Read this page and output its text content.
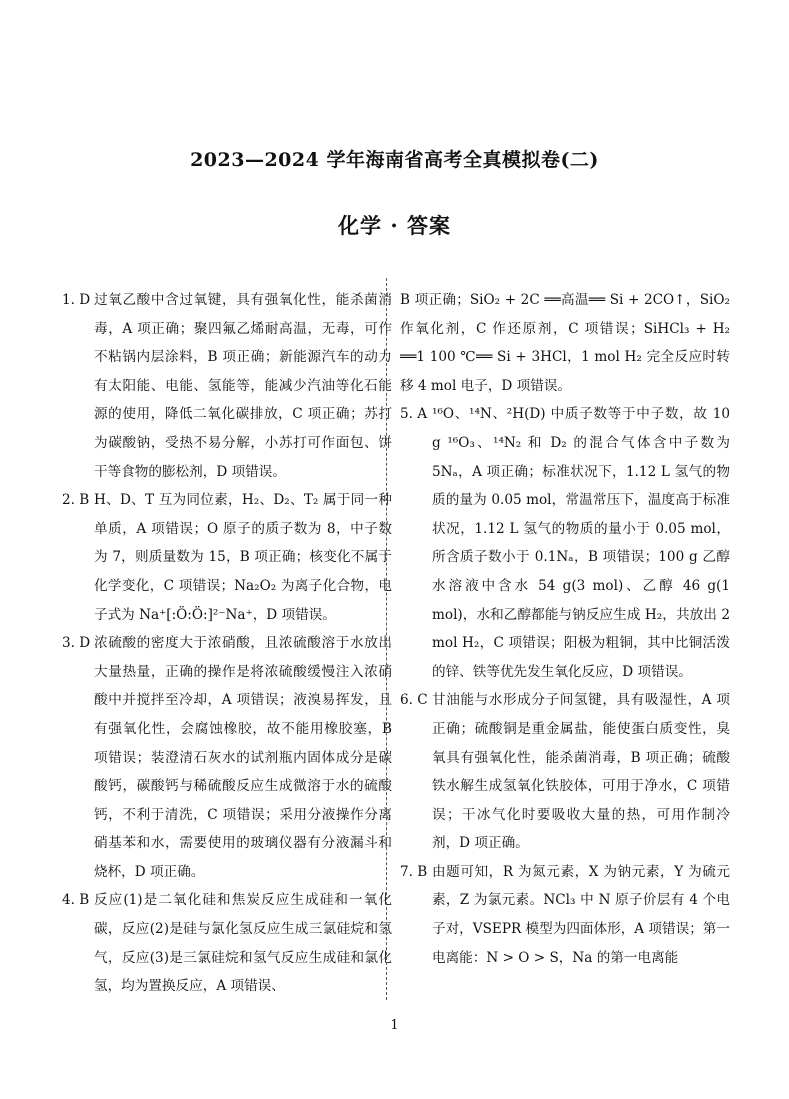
2023—2024 学年海南省高考全真模拟卷(二)
化学 · 答案
1. D 过氧乙酸中含过氧键，具有强氧化性，能杀菌消毒，A 项正确；聚四氟乙烯耐高温，无毒，可作不粘锅内层涂料，B 项正确；新能源汽车的动力有太阳能、电能、氢能等，能减少汽油等化石能源的使用，降低二氧化碳排放，C 项正确；苏打为碳酸钠，受热不易分解，小苏打可作面包、饼干等食物的膨松剂，D 项错误。
2. B H、D、T 互为同位素，H₂、D₂、T₂ 属于同一种单质，A 项错误；O 原子的质子数为 8，中子数为 7，则质量数为 15，B 项正确；核变化不属于化学变化，C 项错误；Na₂O₂ 为离子化合物，电子式为 Na⁺[:Ö:Ö:]²⁻Na⁺，D 项错误。
3. D 浓硫酸的密度大于浓硝酸，且浓硫酸溶于水放出大量热量，正确的操作是将浓硫酸缓慢注入浓硝酸中并搅拌至冷却，A 项错误；液溴易挥发，且有强氧化性，会腐蚀橡胶，故不能用橡胶塞，B 项错误；装澄清石灰水的试剂瓶内固体成分是碳酸钙，碳酸钙与稀硫酸反应生成微溶于水的硫酸钙，不利于清洗，C 项错误；采用分液操作分离硝基苯和水，需要使用的玻璃仪器有分液漏斗和烧杯，D 项正确。
4. B 反应(1)是二氧化硅和焦炭反应生成硅和一氧化碳，反应(2)是硅与氯化氢反应生成三氯硅烷和氢气，反应(3)是三氯硅烷和氢气反应生成硅和氯化氢，均为置换反应，A 项错误、
B 项正确；SiO₂ + 2C ══高温══ Si + 2CO↑，SiO₂ 作氧化剂，C 作还原剂，C 项错误；SiHCl₃ + H₂ ══1 100 ℃══ Si + 3HCl，1 mol H₂ 完全反应时转移 4 mol 电子，D 项错误。
5. A ¹⁶O、¹⁴N、²H(D) 中质子数等于中子数，故 10 g ¹⁶O₃、¹⁴N₂ 和 D₂ 的混合气体含中子数为 5Nₐ，A 项正确；标准状况下，1.12 L 氢气的物质的量为 0.05 mol，常温常压下，温度高于标准状况，1.12 L 氢气的物质的量小于 0.05 mol，所含质子数小于 0.1Nₐ，B 项错误；100 g 乙醇水溶液中含水 54 g(3 mol)、乙醇 46 g(1 mol)，水和乙醇都能与钠反应生成 H₂，共放出 2 mol H₂，C 项错误；阳极为粗铜，其中比铜活泼的锌、铁等优先发生氧化反应，D 项错误。
6. C 甘油能与水形成分子间氢键，具有吸湿性，A 项正确；硫酸铜是重金属盐，能使蛋白质变性，臭氧具有强氧化性，能杀菌消毒，B 项正确；硫酸铁水解生成氢氧化铁胶体，可用于净水，C 项错误；干冰气化时要吸收大量的热，可用作制冷剂，D 项正确。
7. B 由题可知，R 为氮元素，X 为钠元素，Y 为硫元素，Z 为氯元素。NCl₃ 中 N 原子价层有 4 个电子对，VSEPR 模型为四面体形，A 项错误；第一电离能：N > O > S，Na 的第一电离能
1
